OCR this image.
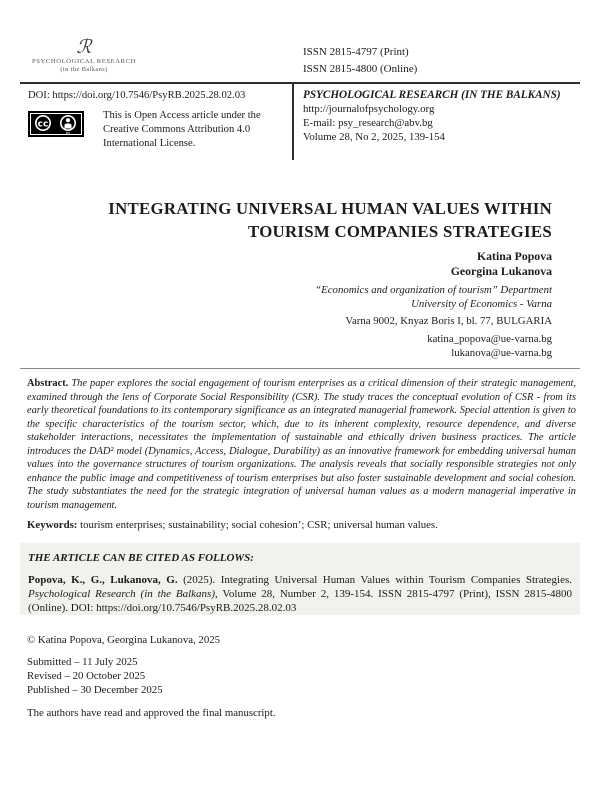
ℛ
PSYCHOLOGICAL RESEARCH
(in the Balkans)
ISSN 2815-4797 (Print)
ISSN 2815-4800 (Online)
DOI: https://doi.org/10.7546/PsyRB.2025.28.02.03
cc
BY
This is Open Access article under the
Creative Commons Attribution 4.0
International License.
PSYCHOLOGICAL RESEARCH (IN THE BALKANS)
http://journalofpsychology.org
E-mail: psy_research@abv.bg
Volume 28, No 2, 2025, 139-154
INTEGRATING UNIVERSAL HUMAN VALUES WITHIN
TOURISM COMPANIES STRATEGIES
Katina Popova
Georgina Lukanova
“Economics and organization of tourism” Department
University of Economics - Varna
Varna 9002, Knyaz Boris I, bl. 77, BULGARIA
katina_popova@ue-varna.bg
lukanova@ue-varna.bg

Abstract. The paper explores the social engagement of tourism enterprises as a critical dimension of their strategic management, examined through the lens of Corporate Social Responsibility (CSR). The study traces the conceptual evolution of CSR - from its early theoretical foundations to its contemporary significance as an integrated managerial framework. Special attention is given to the specific characteristics of the tourism sector, which, due to its inherent complexity, resource dependence, and diverse stakeholder interactions, necessitates the implementation of sustainable and ethically driven business practices. The article introduces the DAD² model (Dynamics, Access, Dialogue, Durability) as an innovative framework for embedding universal human values into the governance structures of tourism organizations. The analysis reveals that socially responsible strategies not only enhance the public image and competitiveness of tourism enterprises but also foster sustainable development and social cohesion. The study substantiates the need for the strategic integration of universal human values as a modern managerial imperative in tourism management.

Keywords: tourism enterprises; sustainability; social cohesion’; CSR; universal human values.

THE ARTICLE CAN BE CITED AS FOLLOWS:

Popova, K., G., Lukanova, G. (2025). Integrating Universal Human Values within Tourism Companies Strategies. Psychological Research (in the Balkans), Volume 28, Number 2, 139-154. ISSN 2815-4797 (Print), ISSN 2815-4800 (Online). DOI: https://doi.org/10.7546/PsyRB.2025.28.02.03

© Katina Popova, Georgina Lukanova, 2025
Submitted – 11 July 2025
Revised – 20 October 2025
Published – 30 December 2025
The authors have read and approved the final manuscript.
